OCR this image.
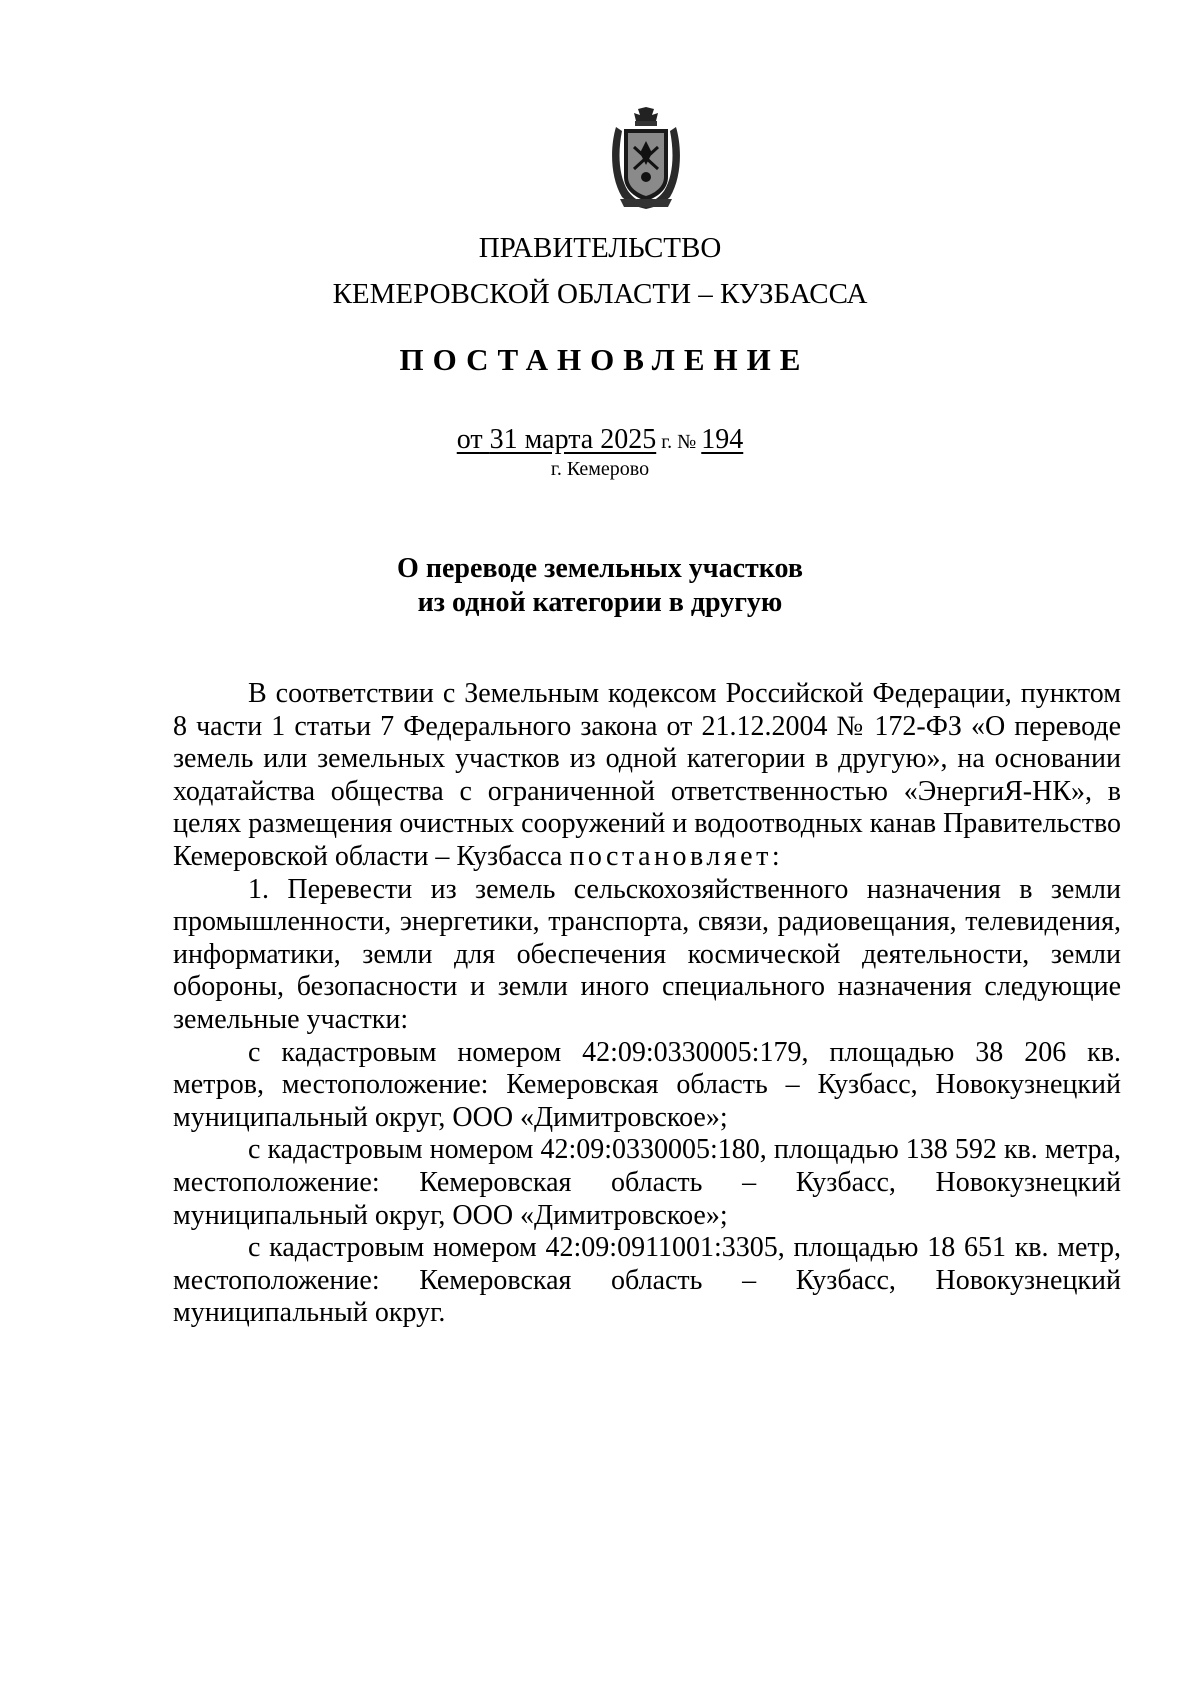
ПРАВИТЕЛЬСТВО
КЕМЕРОВСКОЙ ОБЛАСТИ – КУЗБАССА
ПОСТАНОВЛЕНИЕ
от 31 марта 2025 г. № 194
г. Кемерово
О переводе земельных участков
из одной категории в другую

В соответствии с Земельным кодексом Российской Федерации, пунктом 8 части 1 статьи 7 Федерального закона от 21.12.2004 № 172-ФЗ «О переводе земель или земельных участков из одной категории в другую», на основании ходатайства общества с ограниченной ответственностью «ЭнергиЯ-НК», в целях размещения очистных сооружений и водоотводных канав Правительство Кемеровской области – Кузбасса постановляет:

1. Перевести из земель сельскохозяйственного назначения в земли промышленности, энергетики, транспорта, связи, радиовещания, телевидения, информатики, земли для обеспечения космической деятельности, земли обороны, безопасности и земли иного специального назначения следующие земельные участки:

с кадастровым номером 42:09:0330005:179, площадью 38 206 кв. метров, местоположение: Кемеровская область – Кузбасс, Новокузнецкий муниципальный округ, ООО «Димитровское»;

с кадастровым номером 42:09:0330005:180, площадью 138 592 кв. метра, местоположение: Кемеровская область – Кузбасс, Новокузнецкий муниципальный округ, ООО «Димитровское»;

с кадастровым номером 42:09:0911001:3305, площадью 18 651 кв. метр, местоположение: Кемеровская область – Кузбасс, Новокузнецкий муниципальный округ.
